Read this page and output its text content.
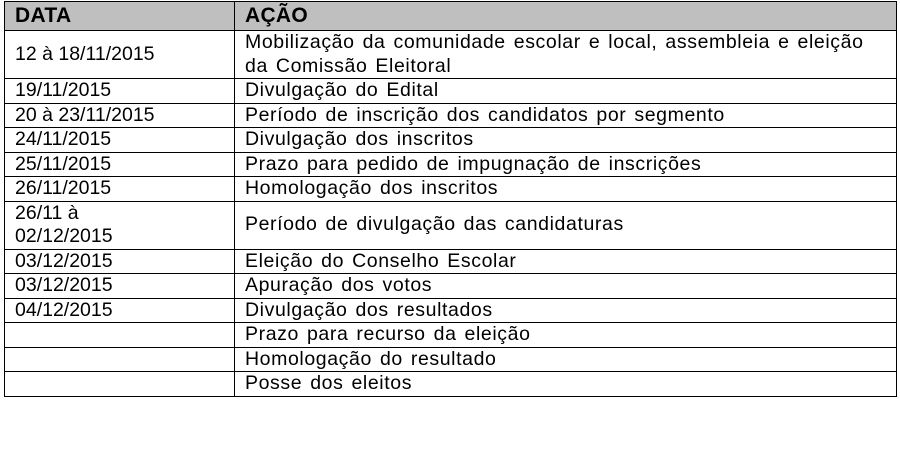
DATA	AÇÃO
12 à 18/11/2015	Mobilização da comunidade escolar e local, assembleia e eleição da Comissão Eleitoral
19/11/2015	Divulgação do Edital
20 à 23/11/2015	Período de inscrição dos candidatos por segmento
24/11/2015	Divulgação dos inscritos
25/11/2015	Prazo para pedido de impugnação de inscrições
26/11/2015	Homologação dos inscritos
26/11 à 02/12/2015	Período de divulgação das candidaturas
03/12/2015	Eleição do Conselho Escolar
03/12/2015	Apuração dos votos
04/12/2015	Divulgação dos resultados
	Prazo para recurso da eleição
	Homologação do resultado
	Posse dos eleitos
